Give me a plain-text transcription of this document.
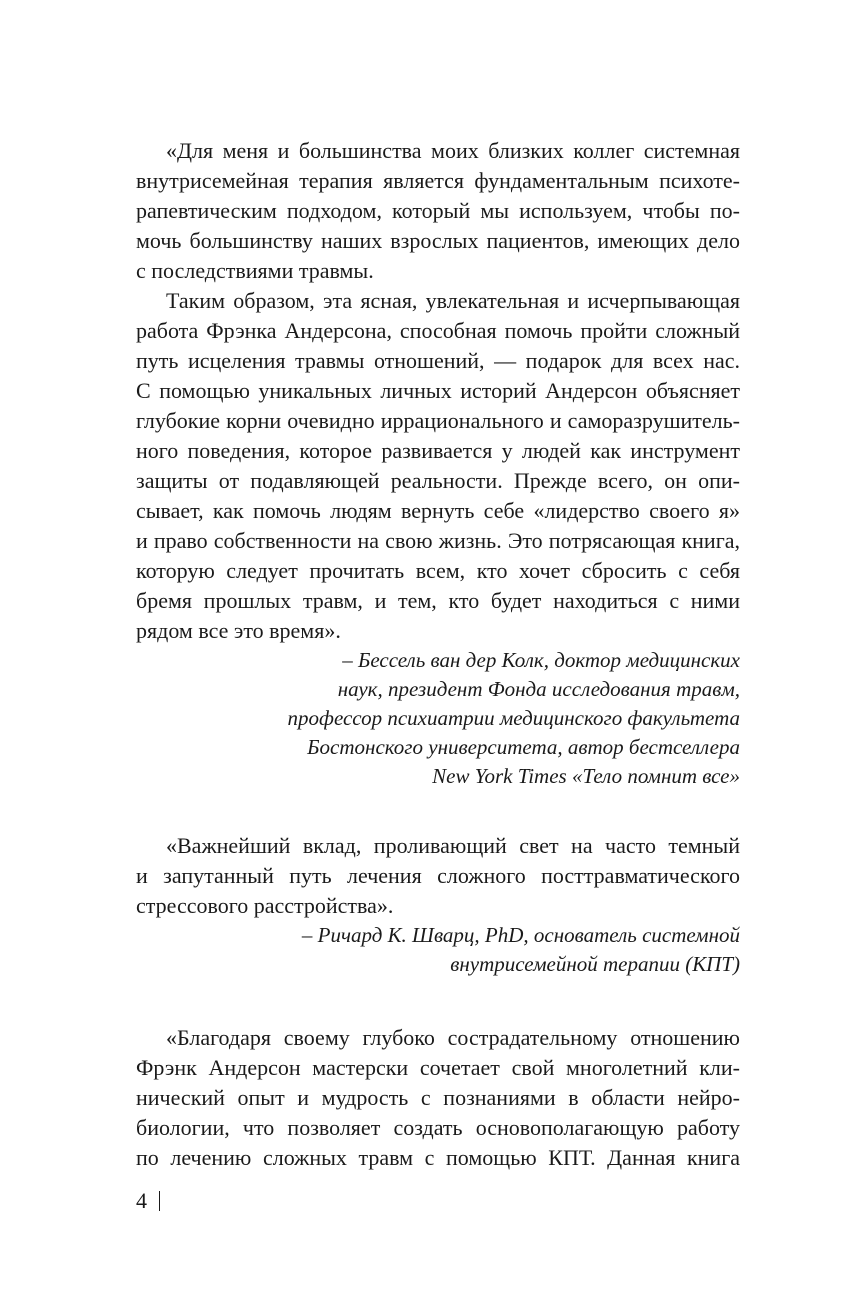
«Для меня и большинства моих близких коллег системная
внутрисемейная терапия является фундаментальным психоте-
рапевтическим подходом, который мы используем, чтобы по-
мочь большинству наших взрослых пациентов, имеющих дело
с последствиями травмы.
Таким образом, эта ясная, увлекательная и исчерпывающая
работа Фрэнка Андерсона, способная помочь пройти сложный
путь исцеления травмы отношений, — подарок для всех нас.
С помощью уникальных личных историй Андерсон объясняет
глубокие корни очевидно иррационального и саморазрушитель-
ного поведения, которое развивается у людей как инструмент
защиты от подавляющей реальности. Прежде всего, он опи-
сывает, как помочь людям вернуть себе «лидерство своего я»
и право собственности на свою жизнь. Это потрясающая книга,
которую следует прочитать всем, кто хочет сбросить с себя
бремя прошлых травм, и тем, кто будет находиться с ними
рядом все это время».
– Бессель ван дер Колк, доктор медицинских
наук, президент Фонда исследования травм,
профессор психиатрии медицинского факультета
Бостонского университета, автор бестселлера
New York Times «Тело помнит все»
«Важнейший вклад, проливающий свет на часто темный
и запутанный путь лечения сложного посттравматического
стрессового расстройства».
– Ричард К. Шварц, PhD, основатель системной
внутрисемейной терапии (КПТ)
«Благодаря своему глубоко сострадательному отношению
Фрэнк Андерсон мастерски сочетает свой многолетний кли-
нический опыт и мудрость с познаниями в области нейро-
биологии, что позволяет создать основополагающую работу
по лечению сложных травм с помощью КПТ. Данная книга
4
